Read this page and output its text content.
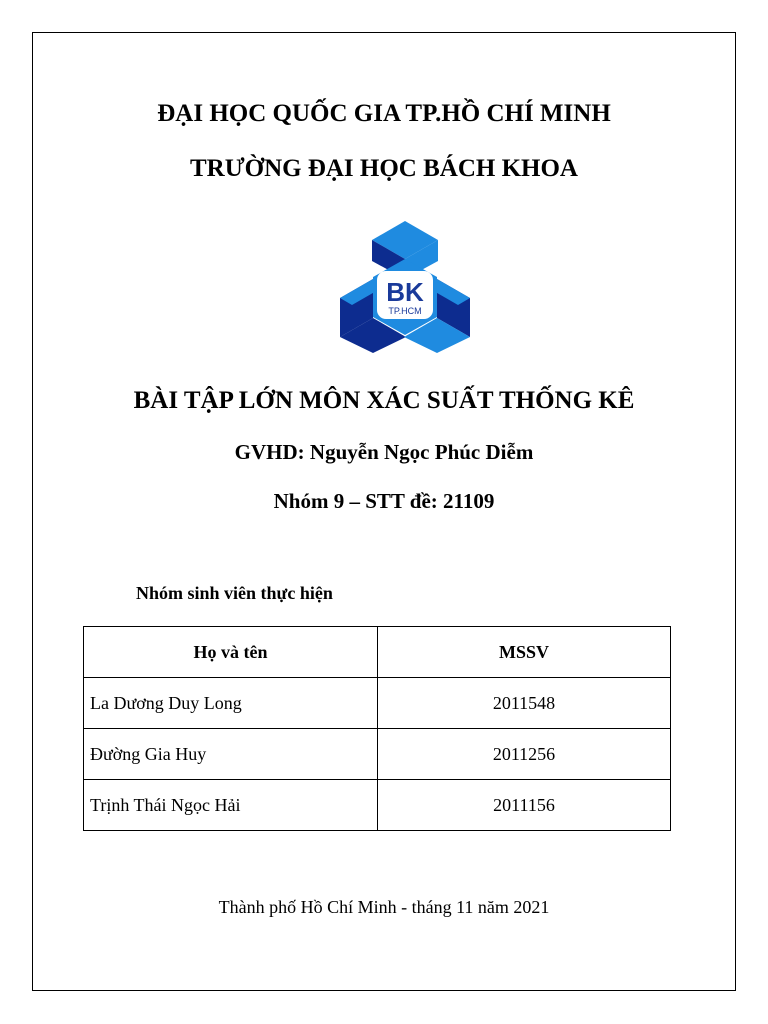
ĐẠI HỌC QUỐC GIA TP.HỒ CHÍ MINH
TRƯỜNG ĐẠI HỌC BÁCH KHOA
BK
TP.HCM
BÀI TẬP LỚN MÔN XÁC SUẤT THỐNG KÊ
GVHD: Nguyễn Ngọc Phúc Diễm
Nhóm 9 – STT đề: 21109
Nhóm sinh viên thực hiện
Họ và tên	MSSV
La Dương Duy Long	2011548
Đường Gia Huy	2011256
Trịnh Thái Ngọc Hải	2011156
Thành phố Hồ Chí Minh - tháng 11 năm 2021
